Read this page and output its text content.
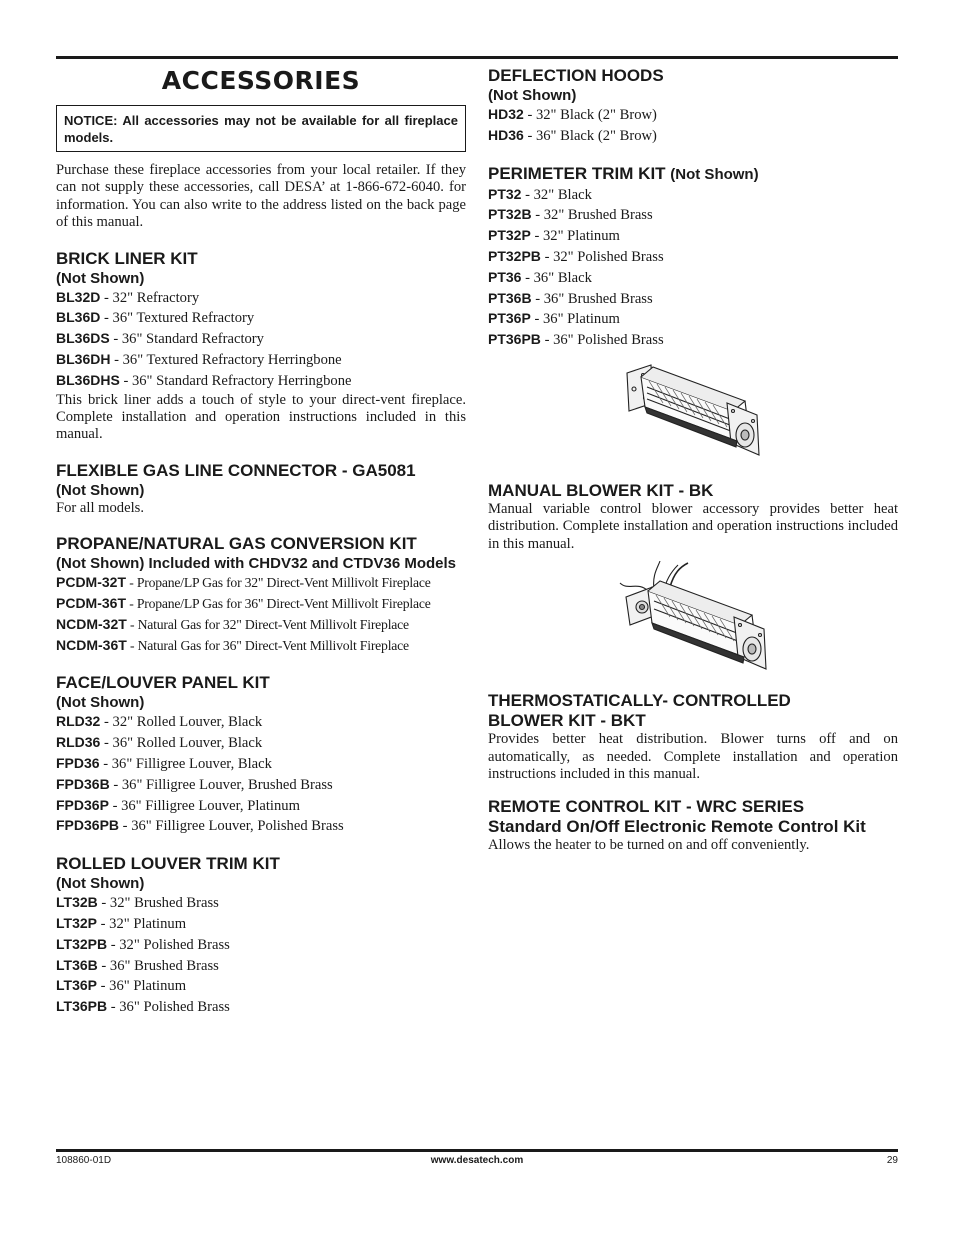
ACCESSORIES
NOTICE: All accessories may not be available for all fireplace models.

Purchase these fireplace accessories from your local retailer. If they can not supply these accessories, call DESA’ at 1-866-672-6040. for information. You can also write to the address listed on the back page of this manual.

BRICK LINER KIT
(Not Shown)
BL32D - 32" Refractory
BL36D - 36" Textured Refractory
BL36DS - 36" Standard Refractory
BL36DH - 36" Textured Refractory Herringbone
BL36DHS - 36" Standard Refractory Herringbone

This brick liner adds a touch of style to your direct-vent fireplace. Complete installation and operation instructions included in this manual.

FLEXIBLE GAS LINE CONNECTOR - GA5081
(Not Shown)

For all models.

PROPANE/NATURAL GAS CONVERSION KIT
(Not Shown) Included with CHDV32 and CTDV36 Models
PCDM-32T - Propane/LP Gas for 32" Direct-Vent Millivolt Fireplace
PCDM-36T - Propane/LP Gas for 36" Direct-Vent Millivolt Fireplace
NCDM-32T - Natural Gas for 32" Direct-Vent Millivolt Fireplace
NCDM-36T - Natural Gas for 36" Direct-Vent Millivolt Fireplace
FACE/LOUVER PANEL KIT
(Not Shown)
RLD32 - 32" Rolled Louver, Black
RLD36 - 36" Rolled Louver, Black
FPD36 - 36" Filligree Louver, Black
FPD36B - 36" Filligree Louver, Brushed Brass
FPD36P - 36" Filligree Louver, Platinum
FPD36PB - 36" Filligree Louver, Polished Brass
ROLLED LOUVER TRIM KIT
(Not Shown)
LT32B - 32" Brushed Brass
LT32P - 32" Platinum
LT32PB - 32" Polished Brass
LT36B - 36" Brushed Brass
LT36P - 36" Platinum
LT36PB - 36" Polished Brass
DEFLECTION HOODS
(Not Shown)
HD32 - 32" Black (2" Brow)
HD36 - 36" Black (2" Brow)
PERIMETER TRIM KIT (Not Shown)
PT32 - 32" Black
PT32B - 32" Brushed Brass
PT32P - 32" Platinum
PT32PB - 32" Polished Brass
PT36 - 36" Black
PT36B - 36" Brushed Brass
PT36P - 36" Platinum
PT36PB - 36" Polished Brass
MANUAL BLOWER KIT - BK

Manual variable control blower accessory provides better heat distribution. Complete installation and operation instructions included in this manual.

THERMOSTATICALLY- CONTROLLED BLOWER KIT - BKT

Provides better heat distribution. Blower turns off and on automatically, as needed. Complete installation and operation instructions included in this manual.

REMOTE CONTROL KIT - WRC SERIES
Standard On/Off Electronic Remote Control Kit

Allows the heater to be turned on and off conveniently.

108860-01D	www.desatech.com	29
